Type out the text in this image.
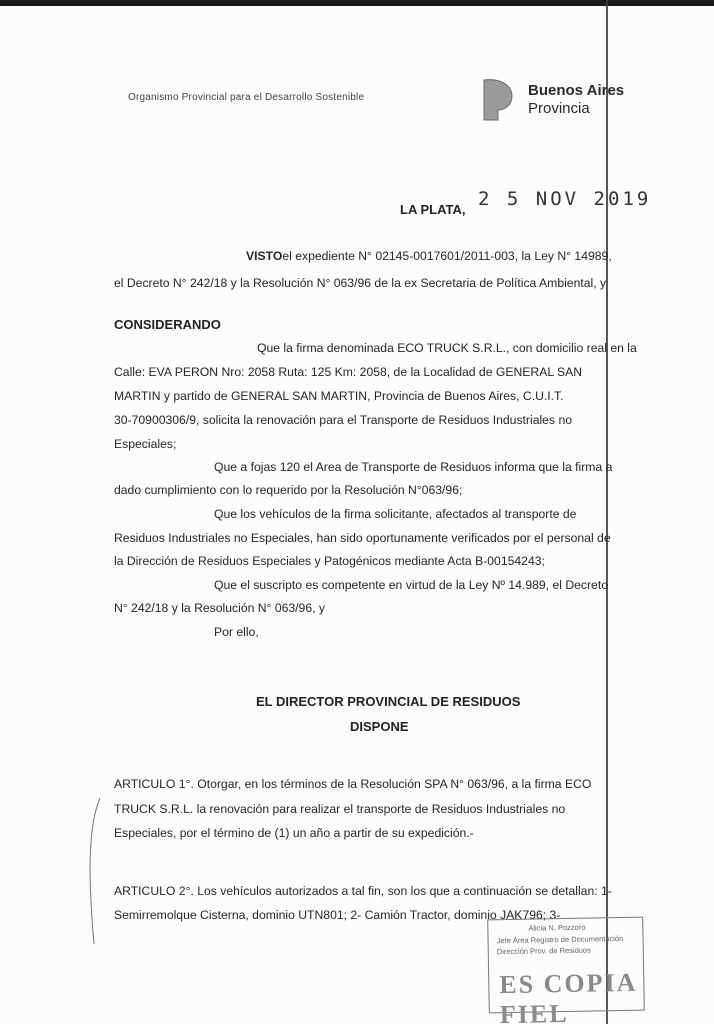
Organismo Provincial para el Desarrollo Sostenible	Buenos Aires
Provincia
LA PLATA, 2 5 NOV 2019
VISTOel expediente N° 02145-0017601/2011-003, la Ley N° 14989,
el Decreto N° 242/18 y la Resolución N° 063/96 de la ex Secretaria de Política Ambiental, y
CONSIDERANDO
Que la firma denominada ECO TRUCK S.R.L., con domicilio real en la
Calle: EVA PERON Nro: 2058 Ruta: 125 Km: 2058, de la Localidad de GENERAL SAN
MARTIN y partido de GENERAL SAN MARTIN, Provincia de Buenos Aires, C.U.I.T.
30-70900306/9, solicita la renovación para el Transporte de Residuos Industriales no
Especiales;
Que a fojas 120 el Area de Transporte de Residuos informa que la firma a
dado cumplimiento con lo requerido por la Resolución N°063/96;
Que los vehículos de la firma solicitante, afectados al transporte de
Residuos Industriales no Especiales, han sido oportunamente verificados por el personal de
la Dirección de Residuos Especiales y Patogénicos mediante Acta B-00154243;
Que el suscripto es competente en virtud de la Ley Nº 14.989, el Decreto
N° 242/18 y la Resolución N° 063/96, y
Por ello,
EL DIRECTOR PROVINCIAL DE RESIDUOS
DISPONE
ARTICULO 1°. Otorgar, en los términos de la Resolución SPA N° 063/96, a la firma ECO
TRUCK S.R.L. la renovación para realizar el transporte de Residuos Industriales no
Especiales, por el término de (1) un año a partir de su expedición.-
ARTICULO 2°. Los vehículos autorizados a tal fin, son los que a continuación se detallan: 1-
Semirremolque Cisterna, dominio UTN801; 2- Camión Tractor, dominio JAK796; 3-
Alicia N. Pozzoro
Jefe Área Registro de Documentación
Dirección Prov. de Residuos
ES COPIA FIEL
